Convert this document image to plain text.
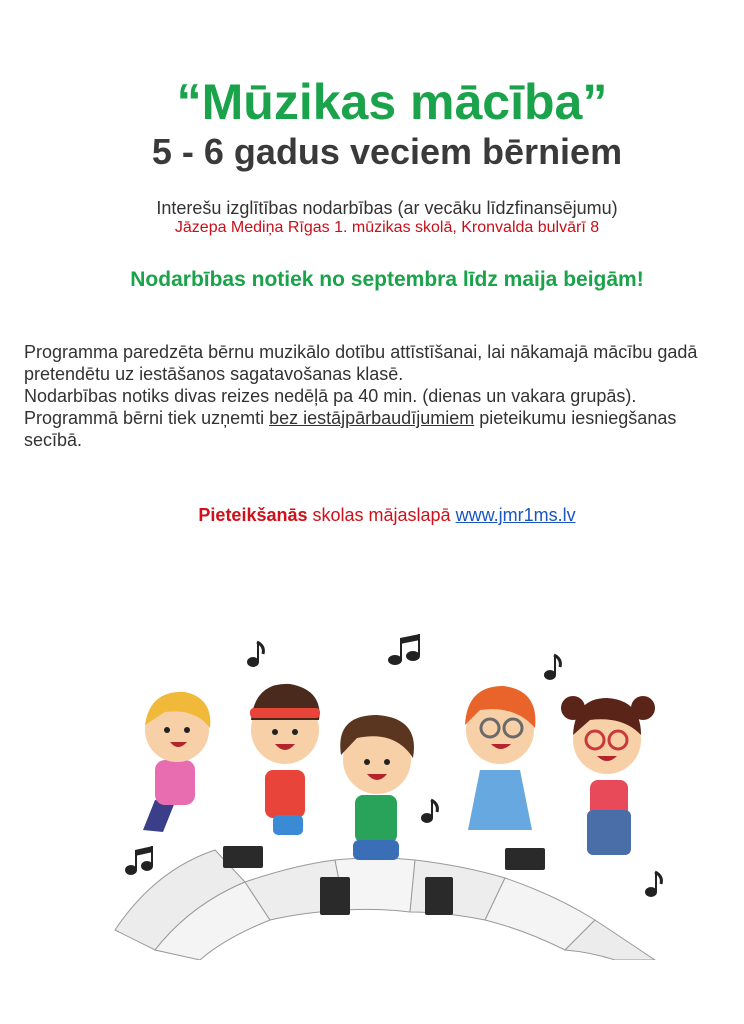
“Mūzikas mācība”
5 - 6 gadus veciem bērniem
Interešu izglītības nodarbības (ar vecāku līdzfinansējumu)
Jāzepa Mediņa Rīgas 1. mūzikas skolā, Kronvalda bulvārī 8
Nodarbības notiek no septembra līdz maija beigām!

Programma paredzēta bērnu muzikālo dotību attīstīšanai, lai nākamajā mācību gadā pretendētu uz iestāšanos sagatavošanas klasē.

Nodarbības notiks divas reizes nedēļā pa 40 min. (dienas un vakara grupās).

Programmā bērni tiek uzņemti bez iestājpārbaudījumiem pieteikumu iesniegšanas secībā.

Pieteikšanās skolas mājaslapā www.jmr1ms.lv
